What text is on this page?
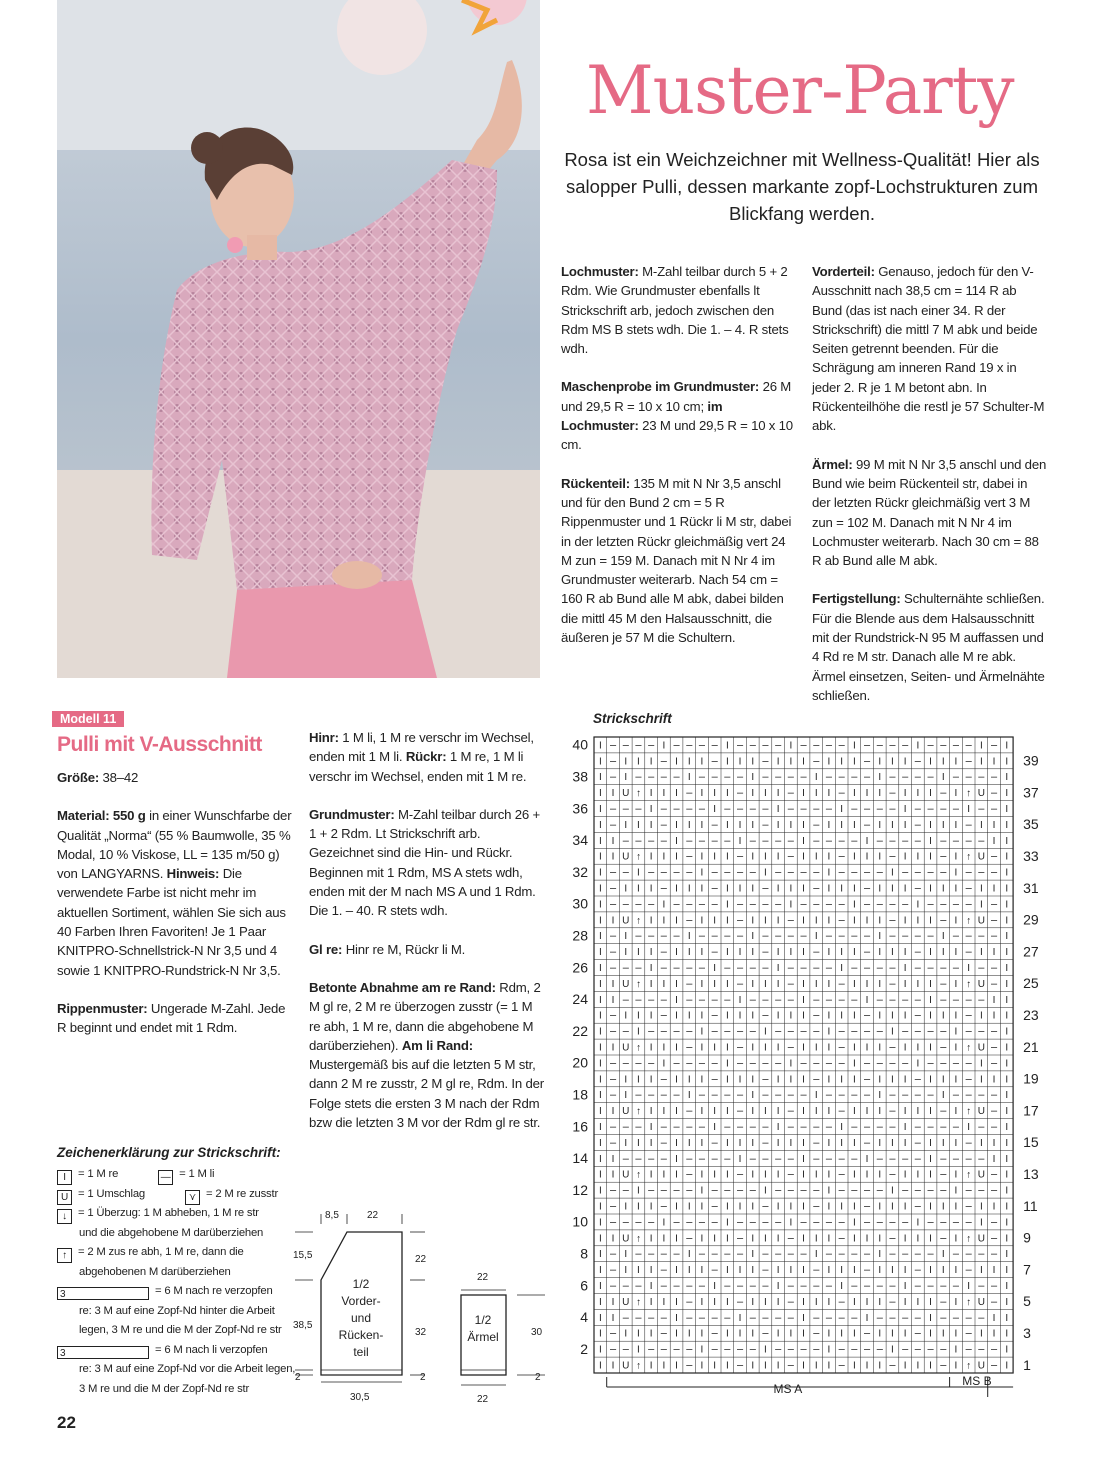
Muster-Party
Rosa ist ein Weichzeichner mit Wellness-Qualität! Hier als salopper Pulli, dessen markante zopf-Lochstrukturen zum Blickfang werden.

Lochmuster: M-Zahl teilbar durch 5 + 2 Rdm. Wie Grundmuster ebenfalls lt Strickschrift arb, jedoch zwischen den Rdm MS B stets wdh. Die 1. – 4. R stets wdh.

Maschenprobe im Grundmuster: 26 M und 29,5 R = 10 x 10 cm; im Lochmuster: 23 M und 29,5 R = 10 x 10 cm.

Rückenteil: 135 M mit N Nr 3,5 anschl und für den Bund 2 cm = 5 R Rippenmuster und 1 Rückr li M str, dabei in der letzten Rückr gleichmäßig vert 24 M zun = 159 M. Danach mit N Nr 4 im Grundmuster weiterarb. Nach 54 cm = 160 R ab Bund alle M abk, dabei bilden die mittl 45 M den Halsausschnitt, die äußeren je 57 M die Schultern.

Vorderteil: Genauso, jedoch für den V-Ausschnitt nach 38,5 cm = 114 R ab Bund (das ist nach einer 34. R der Strickschrift) die mittl 7 M abk und beide Seiten getrennt beenden. Für die Schrägung am inneren Rand 19 x in jeder 2. R je 1 M betont abn. In Rückenteilhöhe die restl je 57 Schulter-M abk.

Ärmel: 99 M mit N Nr 3,5 anschl und den Bund wie beim Rückenteil str, dabei in der letzten Rückr gleichmäßig vert 3 M zun = 102 M. Danach mit N Nr 4 im Lochmuster weiterarb. Nach 30 cm = 88 R ab Bund alle M abk.

Fertigstellung: Schulternähte schließen. Für die Blende aus dem Halsausschnitt mit der Rundstrick-N 95 M auffassen und 4 Rd re M str. Danach alle M re abk. Ärmel einsetzen, Seiten- und Ärmelnähte schließen.

Modell 11
Pulli mit V-Ausschnitt

Größe: 38–42

Material: 550 g in einer Wunschfarbe der Qualität „Norma“ (55 % Baumwolle, 35 % Modal, 10 % Viskose, LL = 135 m/50 g) von LANGYARNS. Hinweis: Die verwendete Farbe ist nicht mehr im aktuellen Sortiment, wählen Sie sich aus 40 Farben Ihren Favoriten! Je 1 Paar KNITPRO-Schnellstrick-N Nr 3,5 und 4 sowie 1 KNITPRO-Rundstrick-N Nr 3,5.

Rippenmuster: Ungerade M-Zahl. Jede R beginnt und endet mit 1 Rdm.

Hinr: 1 M li, 1 M re verschr im Wechsel, enden mit 1 M li. Rückr: 1 M re, 1 M li verschr im Wechsel, enden mit 1 M re.

Grundmuster: M-Zahl teilbar durch 26 + 1 + 2 Rdm. Lt Strickschrift arb. Gezeichnet sind die Hin- und Rückr. Beginnen mit 1 Rdm, MS A stets wdh, enden mit der M nach MS A und 1 Rdm. Die 1. – 40. R stets wdh.

Gl re: Hinr re M, Rückr li M.

Betonte Abnahme am re Rand: Rdm, 2 M gl re, 2 M re überzogen zusstr (= 1 M re abh, 1 M re, dann die abgehobene M darüberziehen). Am li Rand: Mustergemäß bis auf die letzten 5 M str, dann 2 M re zusstr, 2 M gl re, Rdm. In der Folge stets die ersten 3 M nach der Rdm bzw die letzten 3 M vor der Rdm gl re str.

Zeichenerklärung zur Strickschrift:
I = 1 M re	— = 1 M li
U = 1 Umschlag	⋎ = 2 M re zusstr
↓ = 1 Überzug: 1 M abheben, 1 M re str
und die abgehobene M darüberziehen
↑ = 2 M zus re abh, 1 M re, dann die
abgehobenen M darüberziehen
3	= 6 M nach re verzopfen
re: 3 M auf eine Zopf-Nd hinter die Arbeit
legen, 3 M re und die M der Zopf-Nd re str
3	= 6 M nach li verzopfen
re: 3 M auf eine Zopf-Nd vor die Arbeit legen,
3 M re und die M der Zopf-Nd re str
8,5	22
15,5
38,5
22
32
30,5
2	2
22
30
22
2
1/2
Vorder-
und
Rücken-
teil
1/2
Ärmel
Strickschrift
I – – – – I – – – – I – – – – I – – – – I – – – – I – – – – I – I
I – I I I – I I I – I I I – I I I – I I I – I I I – I I I – I I I
I – I – – – – I – – – – I – – – – I – – – – I – – – – I – – – – I
I I U ↑ I I I – I I I – I I I – I I I – I I I – I I I – I ↑ U – I
I – – – I – – – – I – – – – I – – – – I – – – – I – – – – I – – I
I – I I I – I I I – I I I – I I I – I I I – I I I – I I I – I I I
I I – – – – I – – – – I – – – – I – – – – I – – – – I – – – – I I
I I U ↑ I I I – I I I – I I I – I I I – I I I – I I I – I ↑ U – I
I – – I – – – – I – – – – I – – – – I – – – – I – – – – I – – – I
I – I I I – I I I – I I I – I I I – I I I – I I I – I I I – I I I
I – – – – I – – – – I – – – – I – – – – I – – – – I – – – – I – I
I I U ↑ I I I – I I I – I I I – I I I – I I I – I I I – I ↑ U – I
I – I – – – – I – – – – I – – – – I – – – – I – – – – I – – – – I
I – I I I – I I I – I I I – I I I – I I I – I I I – I I I – I I I
I – – – I – – – – I – – – – I – – – – I – – – – I – – – – I – – I
I I U ↑ I I I – I I I – I I I – I I I – I I I – I I I – I ↑ U – I
I I – – – – I – – – – I – – – – I – – – – I – – – – I – – – – I I
I – I I I – I I I – I I I – I I I – I I I – I I I – I I I – I I I
I – – I – – – – I – – – – I – – – – I – – – – I – – – – I – – – I
I I U ↑ I I I – I I I – I I I – I I I – I I I – I I I – I ↑ U – I
I – – – – I – – – – I – – – – I – – – – I – – – – I – – – – I – I
I – I I I – I I I – I I I – I I I – I I I – I I I – I I I – I I I
I – I – – – – I – – – – I – – – – I – – – – I – – – – I – – – – I
I I U ↑ I I I – I I I – I I I – I I I – I I I – I I I – I ↑ U – I
I – – – I – – – – I – – – – I – – – – I – – – – I – – – – I – – I
I – I I I – I I I – I I I – I I I – I I I – I I I – I I I – I I I
I I – – – – I – – – – I – – – – I – – – – I – – – – I – – – – I I
I I U ↑ I I I – I I I – I I I – I I I – I I I – I I I – I ↑ U – I
I – – I – – – – I – – – – I – – – – I – – – – I – – – – I – – – I
I – I I I – I I I – I I I – I I I – I I I – I I I – I I I – I I I
I – – – – I – – – – I – – – – I – – – – I – – – – I – – – – I – I
I I U ↑ I I I – I I I – I I I – I I I – I I I – I I I – I ↑ U – I
I – I – – – – I – – – – I – – – – I – – – – I – – – – I – – – – I
I – I I I – I I I – I I I – I I I – I I I – I I I – I I I – I I I
I – – – I – – – – I – – – – I – – – – I – – – – I – – – – I – – I
I I U ↑ I I I – I I I – I I I – I I I – I I I – I I I – I ↑ U – I
I I – – – – I – – – – I – – – – I – – – – I – – – – I – – – – I I
I – I I I – I I I – I I I – I I I – I I I – I I I – I I I – I I I
I – – I – – – – I – – – – I – – – – I – – – – I – – – – I – – – I
I I U ↑ I I I – I I I – I I I – I I I – I I I – I I I – I ↑ U – I
40
38
36
34
32
30
28
26
24
22
20
18
16
14
12
10
8
6
4
2
39
37
35
33
31
29
27
25
23
21
19
17
15
13
11
9
7
5
3
1
MS A
MS B
22
